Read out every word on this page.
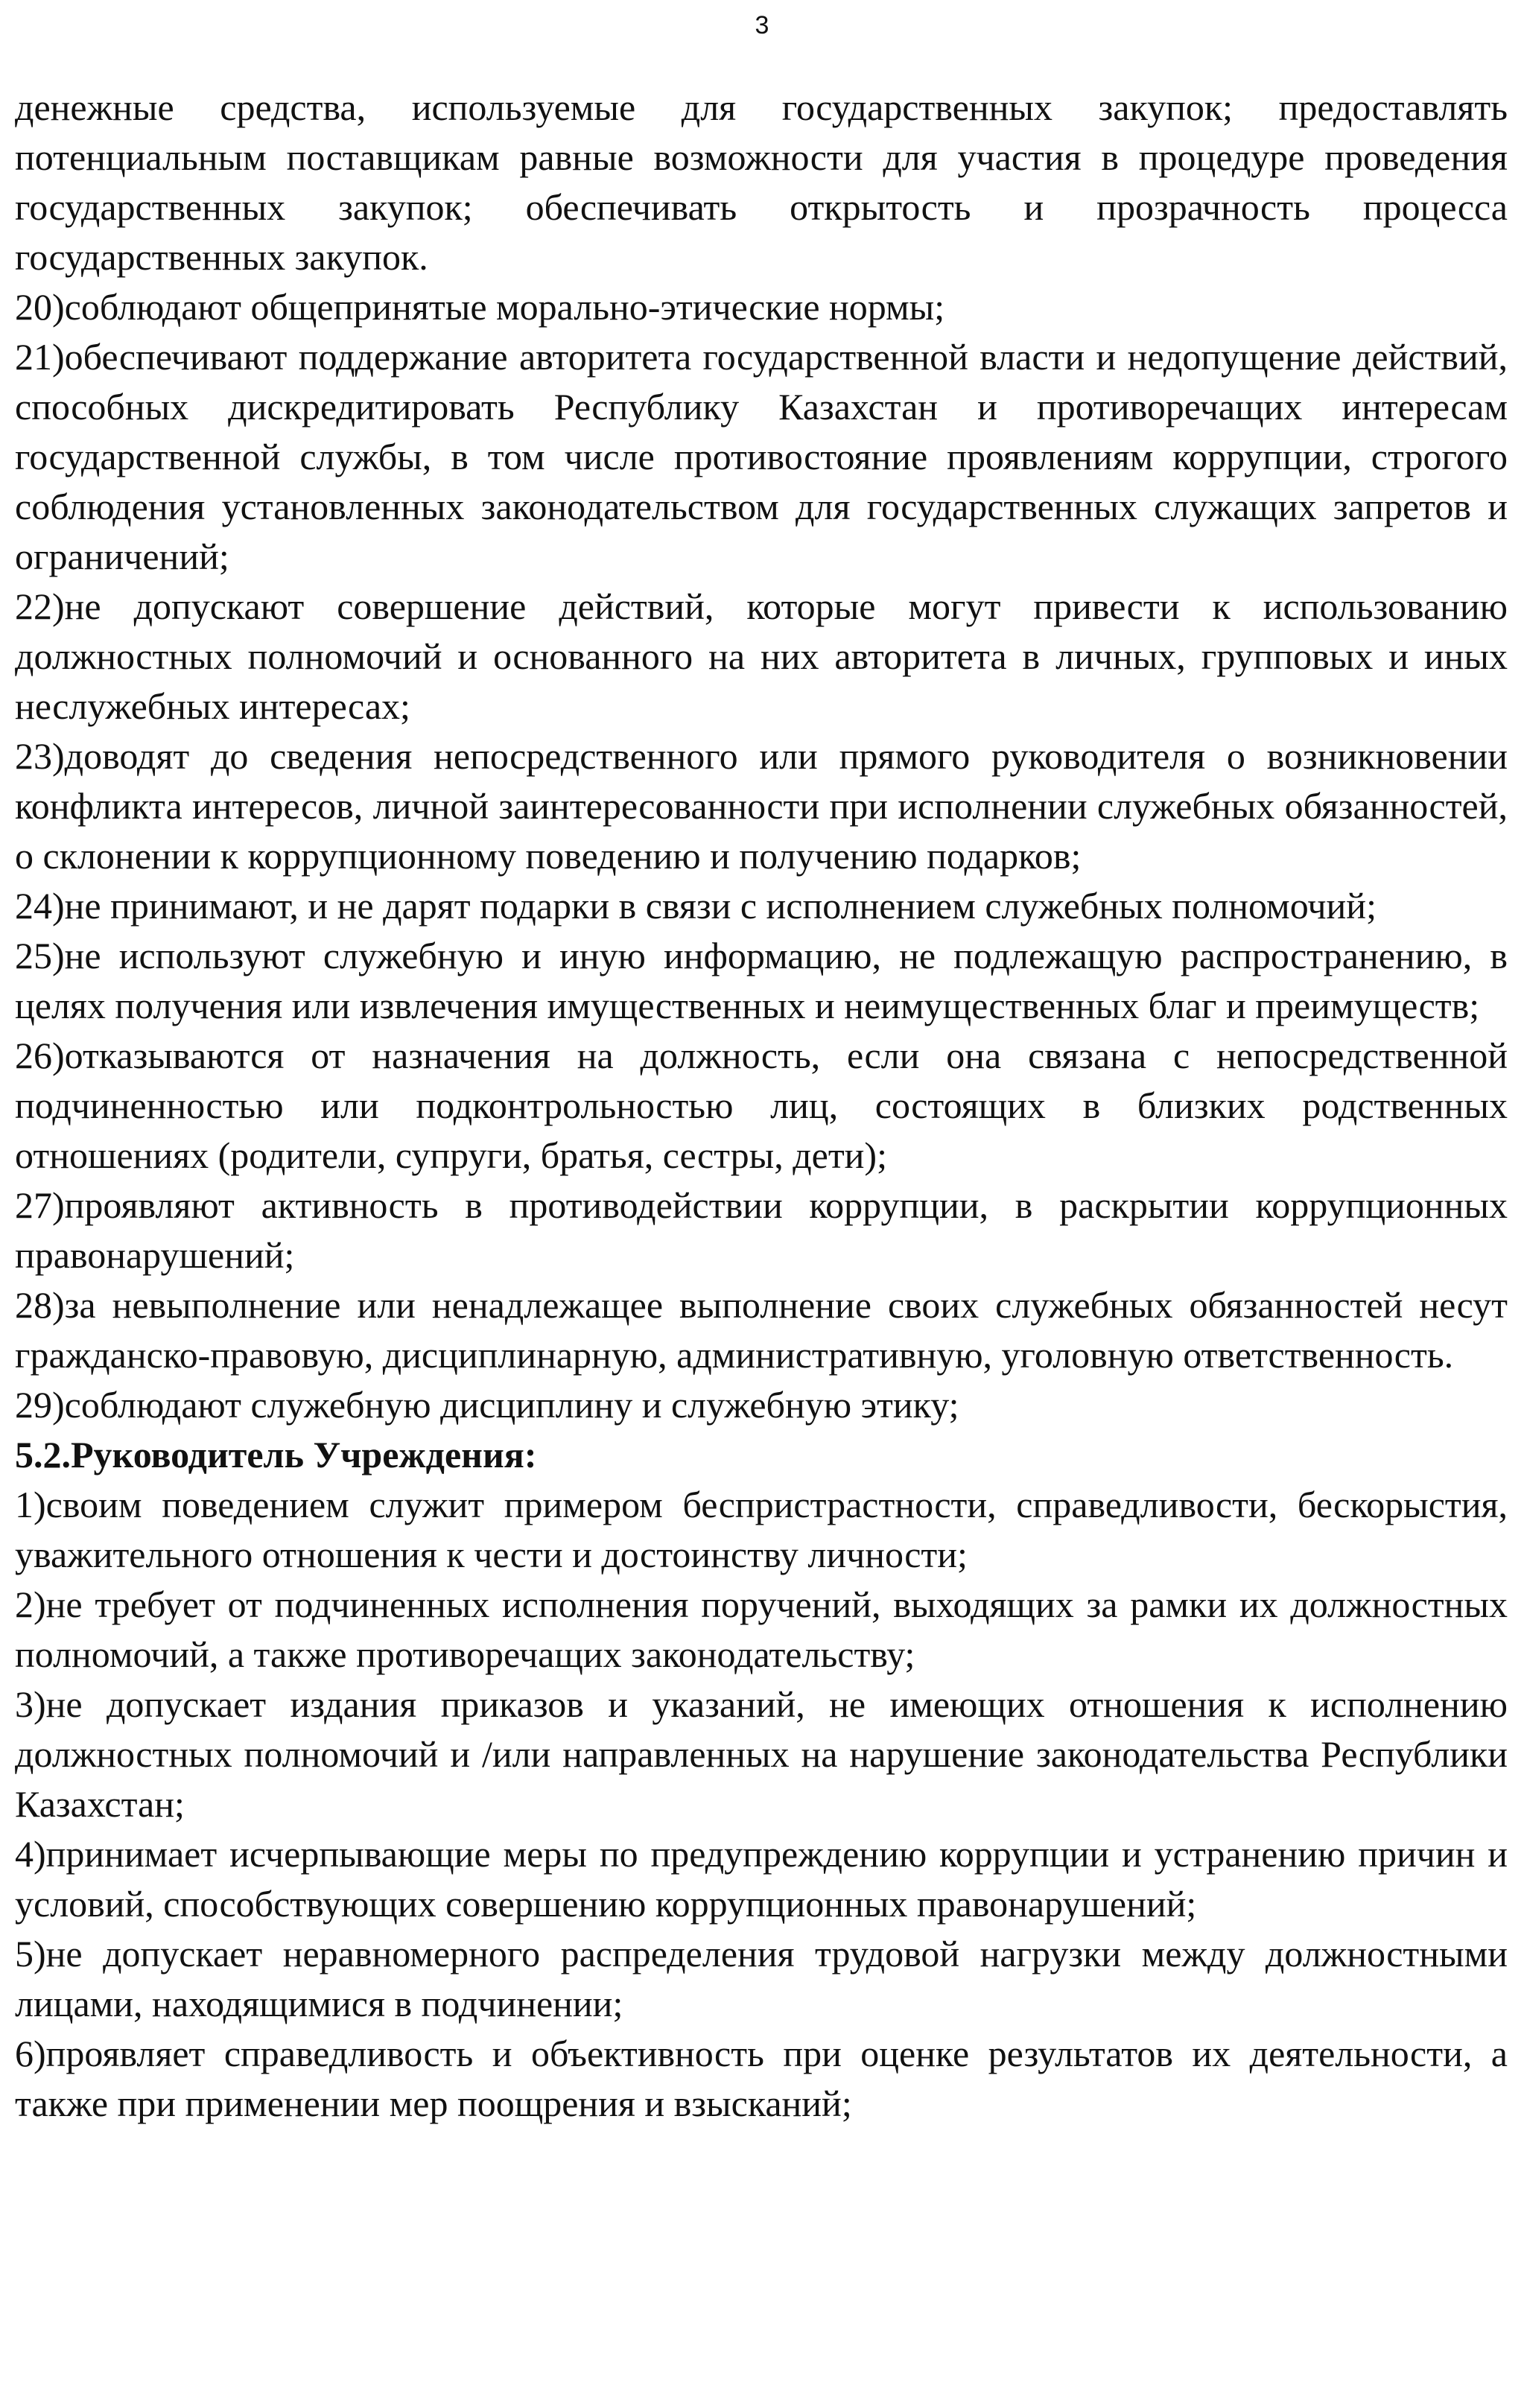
3

денежные средства, используемые для государственных закупок; предоставлять потенциальным поставщикам равные возможности для участия в процедуре проведения государственных закупок; обеспечивать открытость и прозрачность процесса государственных закупок.

20)соблюдают общепринятые морально-этические нормы;

21)обеспечивают поддержание авторитета государственной власти и недопущение действий, способных дискредитировать Республику Казахстан и противоречащих интересам государственной службы, в том числе противостояние проявлениям коррупции, строгого соблюдения установленных законодательством для государственных служащих запретов и ограничений;

22)не допускают совершение действий, которые могут привести к использованию должностных полномочий и основанного на них авторитета в личных, групповых и иных неслужебных интересах;

23)доводят до сведения непосредственного или прямого руководителя о возникновении конфликта интересов, личной заинтересованности при исполнении служебных обязанностей, о склонении к коррупционному поведению и получению подарков;

24)не принимают, и не дарят подарки в связи с исполнением служебных полномочий;

25)не используют служебную и иную информацию, не подлежащую распространению, в целях получения или извлечения имущественных и неимущественных благ и преимуществ;

26)отказываются от назначения на должность, если она связана с непосредственной подчиненностью или подконтрольностью лиц, состоящих в близких родственных отношениях (родители, супруги, братья, сестры, дети);

27)проявляют активность в противодействии коррупции, в раскрытии коррупционных правонарушений;

28)за невыполнение или ненадлежащее выполнение своих служебных обязанностей несут гражданско-правовую, дисциплинарную, административную, уголовную ответственность.

29)соблюдают служебную дисциплину и служебную этику;

5.2.Руководитель Учреждения:

1)своим поведением служит примером беспристрастности, справедливости, бескорыстия, уважительного отношения к чести и достоинству личности;

2)не требует от подчиненных исполнения поручений, выходящих за рамки их должностных полномочий, а также противоречащих законодательству;

3)не допускает издания приказов и указаний, не имеющих отношения к исполнению должностных полномочий и /или направленных на нарушение законодательства Республики Казахстан;

4)принимает исчерпывающие меры по предупреждению коррупции и устранению причин и условий, способствующих совершению коррупционных правонарушений;

5)не допускает неравномерного распределения трудовой нагрузки между должностными лицами, находящимися в подчинении;

6)проявляет справедливость и объективность при оценке результатов их деятельности, а также при применении мер поощрения и взысканий;
